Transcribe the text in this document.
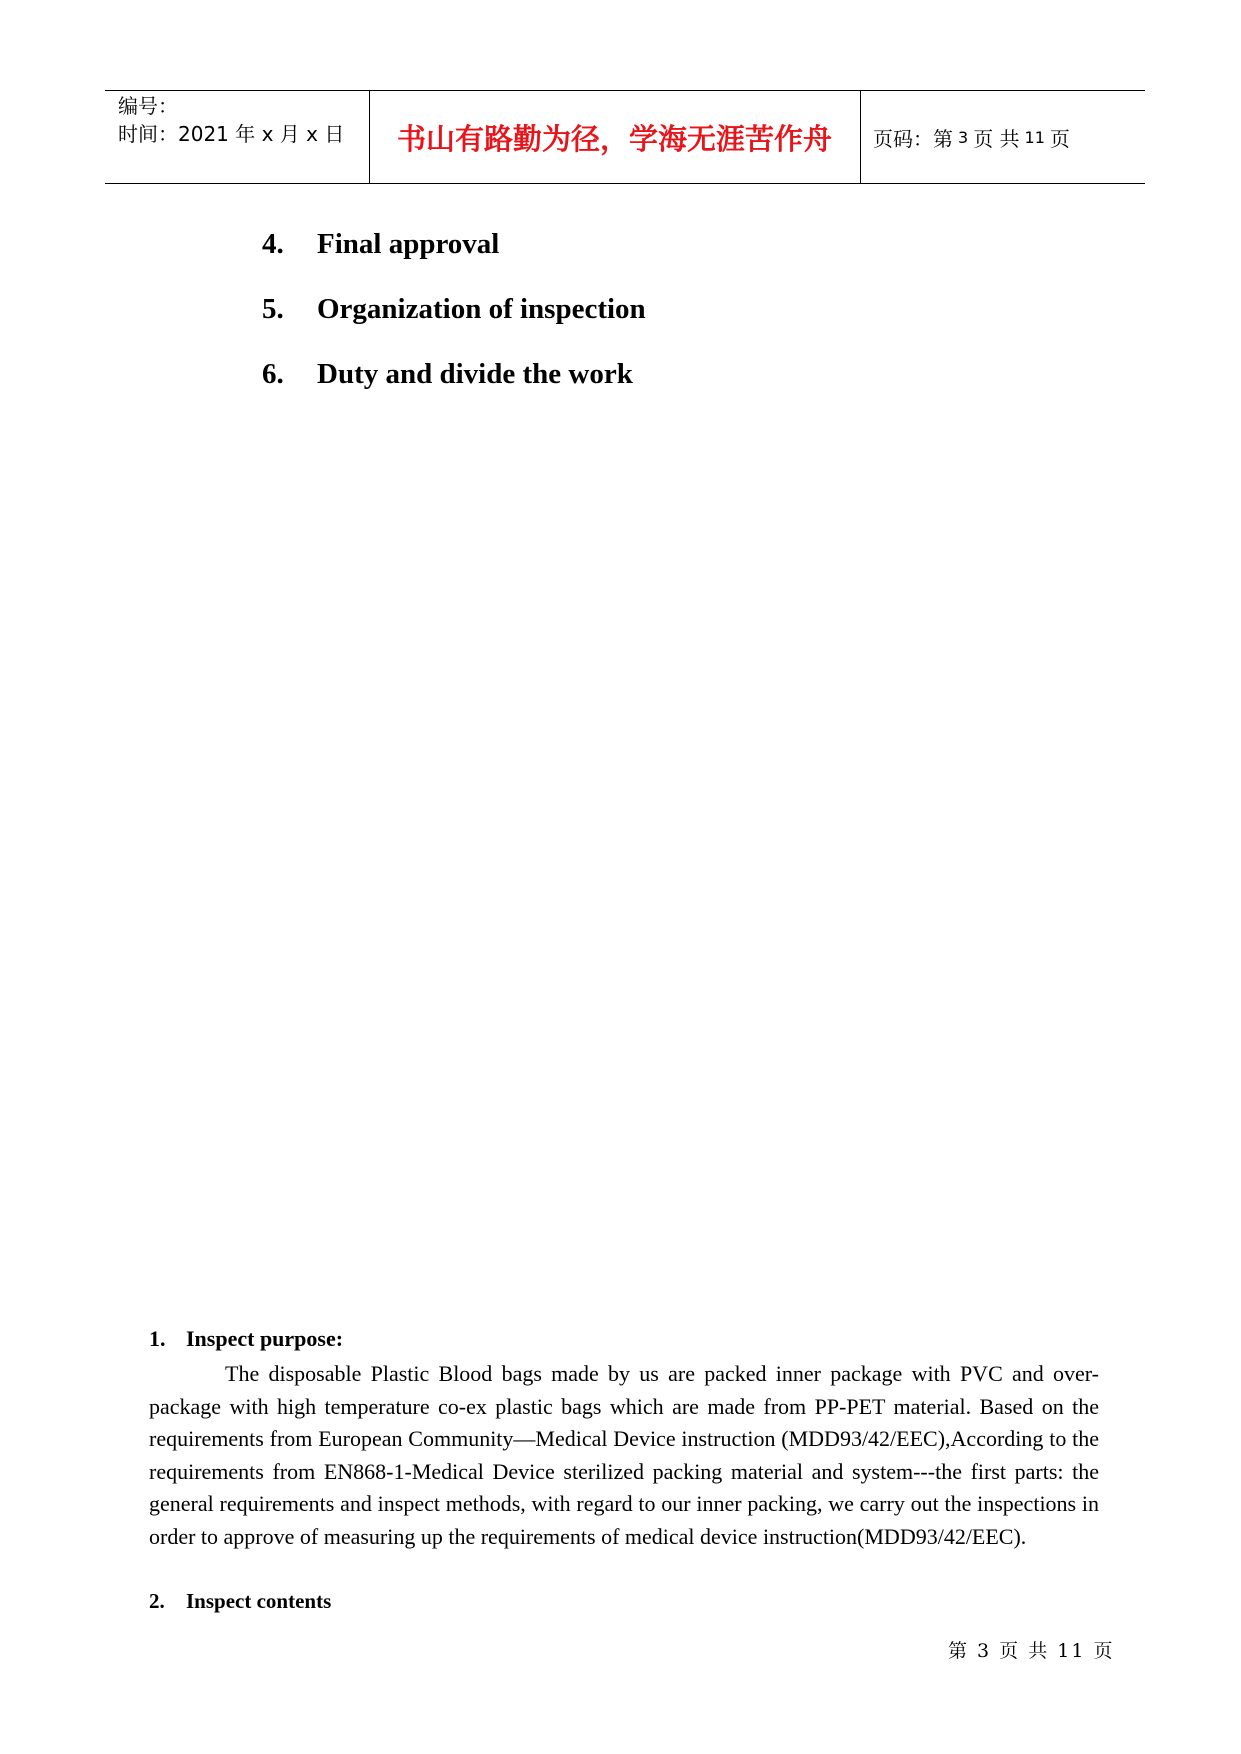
编号：
时间：2021 年 x 月 x 日	书山有路勤为径，学海无涯苦作舟	页码：第 3 页 共 11 页
4. Final approval
5. Organization of inspection
6. Duty and divide the work
1. Inspect purpose:
The disposable Plastic Blood bags made by us are packed inner package with PVC and over-package with high temperature co-ex plastic bags which are made from PP-PET material. Based on the requirements from European Community—Medical Device instruction (MDD93/42/EEC),According to the requirements from EN868-1-Medical Device sterilized packing material and system---the first parts: the general requirements and inspect methods, with regard to our inner packing, we carry out the inspections in order to approve of measuring up the requirements of medical device instruction(MDD93/42/EEC).
2. Inspect contents
第 3 页 共 11 页
